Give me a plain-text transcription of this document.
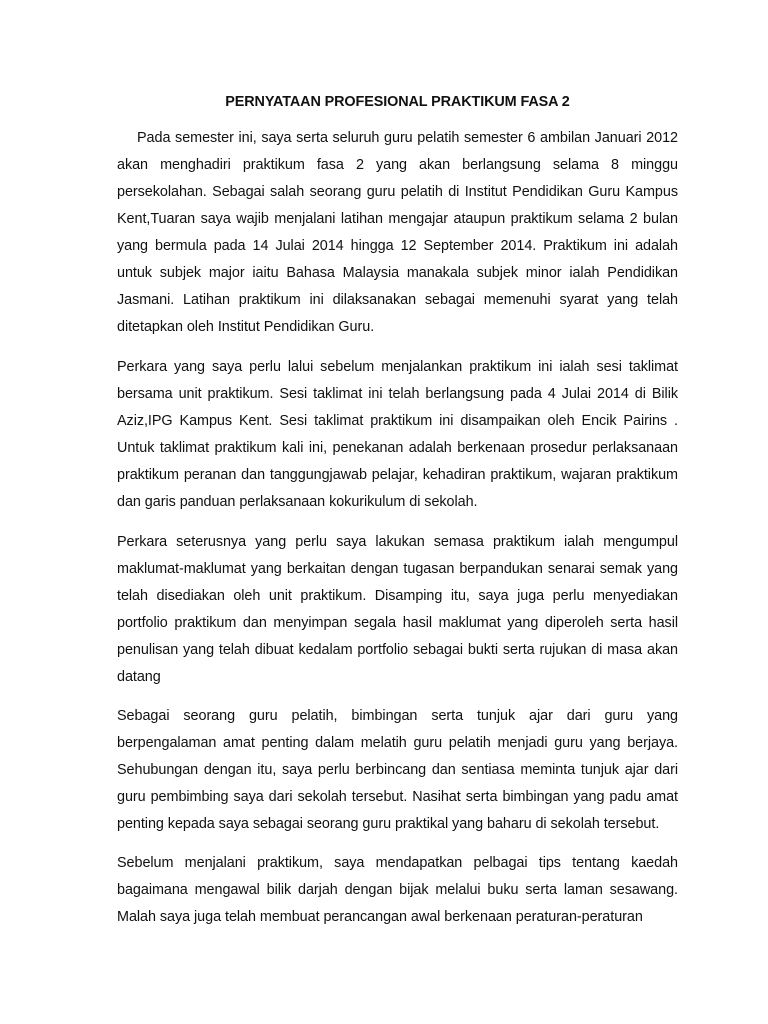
PERNYATAAN PROFESIONAL PRAKTIKUM FASA 2

Pada semester ini, saya serta seluruh guru pelatih semester 6 ambilan Januari 2012 akan menghadiri praktikum fasa 2 yang akan berlangsung selama 8 minggu persekolahan. Sebagai salah seorang guru pelatih di Institut Pendidikan Guru Kampus Kent,Tuaran saya wajib menjalani latihan mengajar ataupun praktikum selama 2 bulan yang bermula pada 14 Julai 2014 hingga 12 September 2014. Praktikum ini adalah untuk subjek major iaitu Bahasa Malaysia manakala subjek minor ialah Pendidikan Jasmani. Latihan praktikum ini dilaksanakan sebagai memenuhi syarat yang telah ditetapkan oleh Institut Pendidikan Guru.

Perkara yang saya perlu lalui sebelum menjalankan praktikum ini ialah sesi taklimat bersama unit praktikum. Sesi taklimat ini telah berlangsung pada 4 Julai 2014 di Bilik Aziz,IPG Kampus Kent. Sesi taklimat praktikum ini disampaikan oleh Encik Pairins . Untuk taklimat praktikum kali ini, penekanan adalah berkenaan prosedur perlaksanaan praktikum peranan dan tanggungjawab pelajar, kehadiran praktikum, wajaran praktikum dan garis panduan perlaksanaan kokurikulum di sekolah.

Perkara seterusnya yang perlu saya lakukan semasa praktikum ialah mengumpul maklumat-maklumat yang berkaitan dengan tugasan berpandukan senarai semak yang telah disediakan oleh unit praktikum. Disamping itu, saya juga perlu menyediakan portfolio praktikum dan menyimpan segala hasil maklumat yang diperoleh serta hasil penulisan yang telah dibuat kedalam portfolio sebagai bukti serta rujukan di masa akan datang

Sebagai seorang guru pelatih, bimbingan serta tunjuk ajar dari guru yang berpengalaman amat penting dalam melatih guru pelatih menjadi guru yang berjaya. Sehubungan dengan itu, saya perlu berbincang dan sentiasa meminta tunjuk ajar dari guru pembimbing saya dari sekolah tersebut. Nasihat serta bimbingan yang padu amat penting kepada saya sebagai seorang guru praktikal yang baharu di sekolah tersebut.

Sebelum menjalani praktikum, saya mendapatkan pelbagai tips tentang kaedah bagaimana mengawal bilik darjah dengan bijak melalui buku serta laman sesawang. Malah saya juga telah membuat perancangan awal berkenaan peraturan-peraturan
